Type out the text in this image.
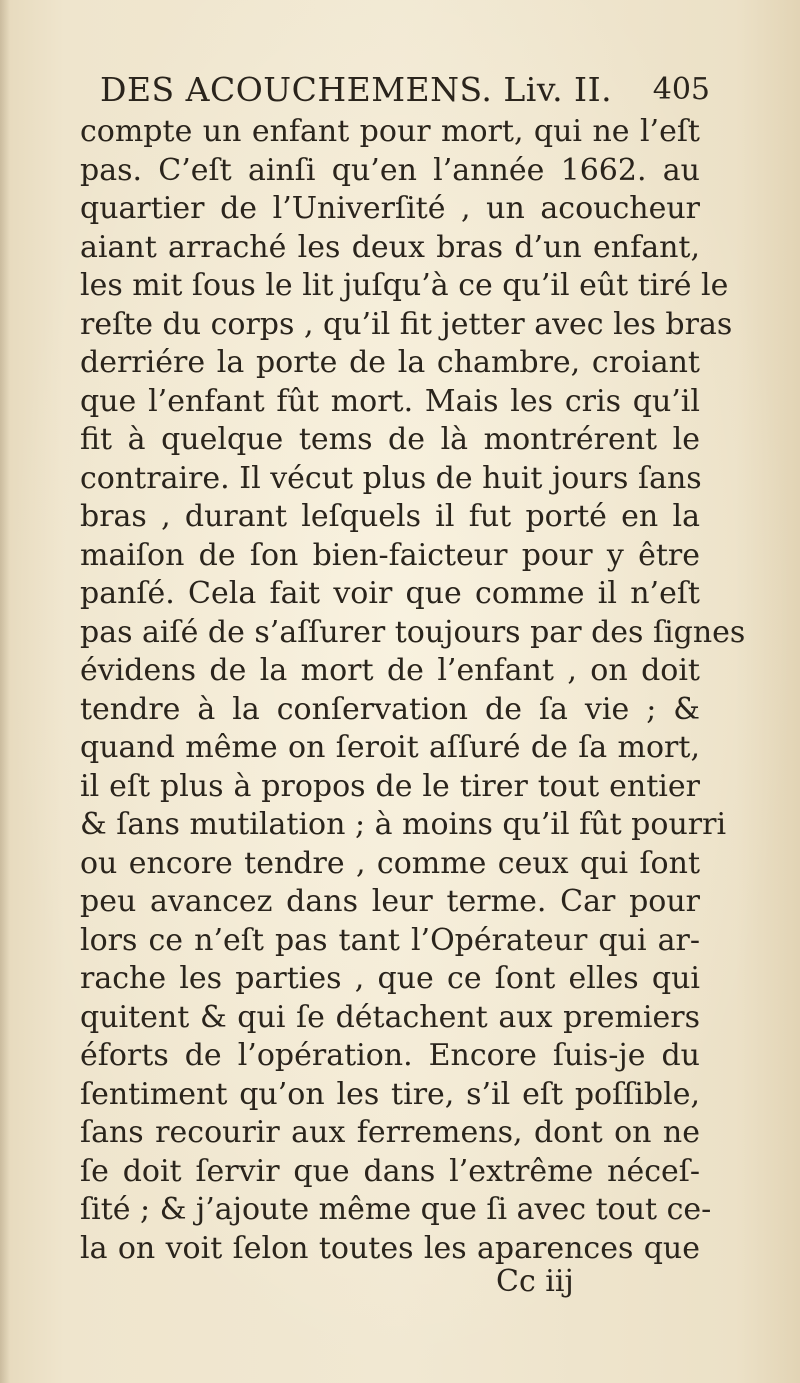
DES ACOUCHEMENS. Liv. II. 405
compte un enfant pour mort, qui ne l’eſt
pas. C’eſt ainſi qu’en l’année 1662. au
quartier de l’Univerſité , un acoucheur
aiant arraché les deux bras d’un enfant,
les mit ſous le lit juſqu’à ce qu’il eût tiré le
reſte du corps , qu’il fit jetter avec les bras
derriére la porte de la chambre, croiant
que l’enfant fût mort. Mais les cris qu’il
fit à quelque tems de là montrérent le
contraire. Il vécut plus de huit jours ſans
bras , durant leſquels il fut porté en la
maiſon de ſon bien-faicteur pour y être
panſé. Cela fait voir que comme il n’eſt
pas aiſé de s’aſſurer toujours par des ſignes
évidens de la mort de l’enfant , on doit
tendre à la conſervation de ſa vie ; &
quand même on ſeroit aſſuré de ſa mort,
il eſt plus à propos de le tirer tout entier
& ſans mutilation ; à moins qu’il fût pourri
ou encore tendre , comme ceux qui ſont
peu avancez dans leur terme. Car pour
lors ce n’eſt pas tant l’Opérateur qui ar-
rache les parties , que ce ſont elles qui
quitent & qui ſe détachent aux premiers
éforts de l’opération. Encore ſuis-je du
ſentiment qu’on les tire, s’il eſt poſſible,
ſans recourir aux ferremens, dont on ne
ſe doit ſervir que dans l’extrême néceſ-
ſité ; & j’ajoute même que ſi avec tout ce-
la on voit ſelon toutes les aparences que
Cc iij
